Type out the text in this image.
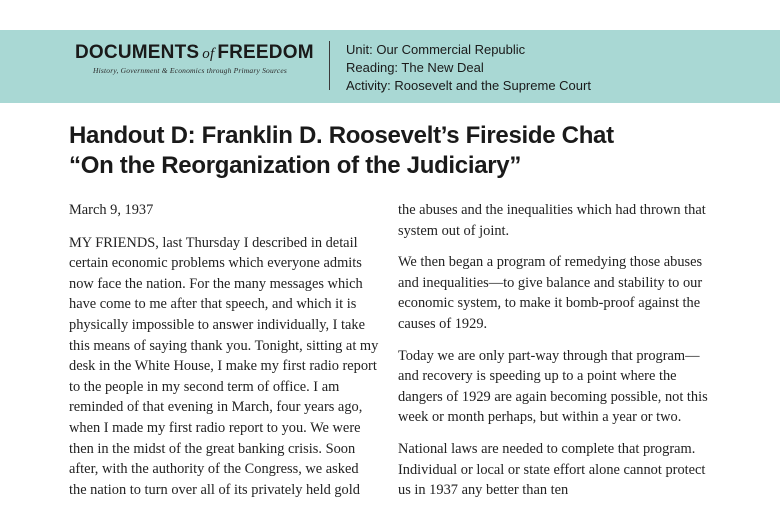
DOCUMENTS of FREEDOM
History, Government & Economics through Primary Sources
Unit: Our Commercial Republic
Reading: The New Deal
Activity: Roosevelt and the Supreme Court
Handout D: Franklin D. Roosevelt’s Fireside Chat
“On the Reorganization of the Judiciary”

March 9, 1937

MY FRIENDS, last Thursday I described in detail certain economic problems which everyone admits now face the nation. For the many messages which have come to me after that speech, and which it is physically impossible to answer individually, I take this means of saying thank you. Tonight, sitting at my desk in the White House, I make my first radio report to the people in my second term of office. I am reminded of that evening in March, four years ago, when I made my first radio report to you. We were then in the midst of the great banking crisis. Soon after, with the authority of the Congress, we asked the nation to turn over all of its privately held gold

the abuses and the inequalities which had thrown that system out of joint.

We then began a program of remedying those abuses and inequalities—to give balance and stability to our economic system, to make it bomb-proof against the causes of 1929.

Today we are only part-way through that program—and recovery is speeding up to a point where the dangers of 1929 are again becoming possible, not this week or month perhaps, but within a year or two.

National laws are needed to complete that program. Individual or local or state effort alone cannot protect us in 1937 any better than ten
